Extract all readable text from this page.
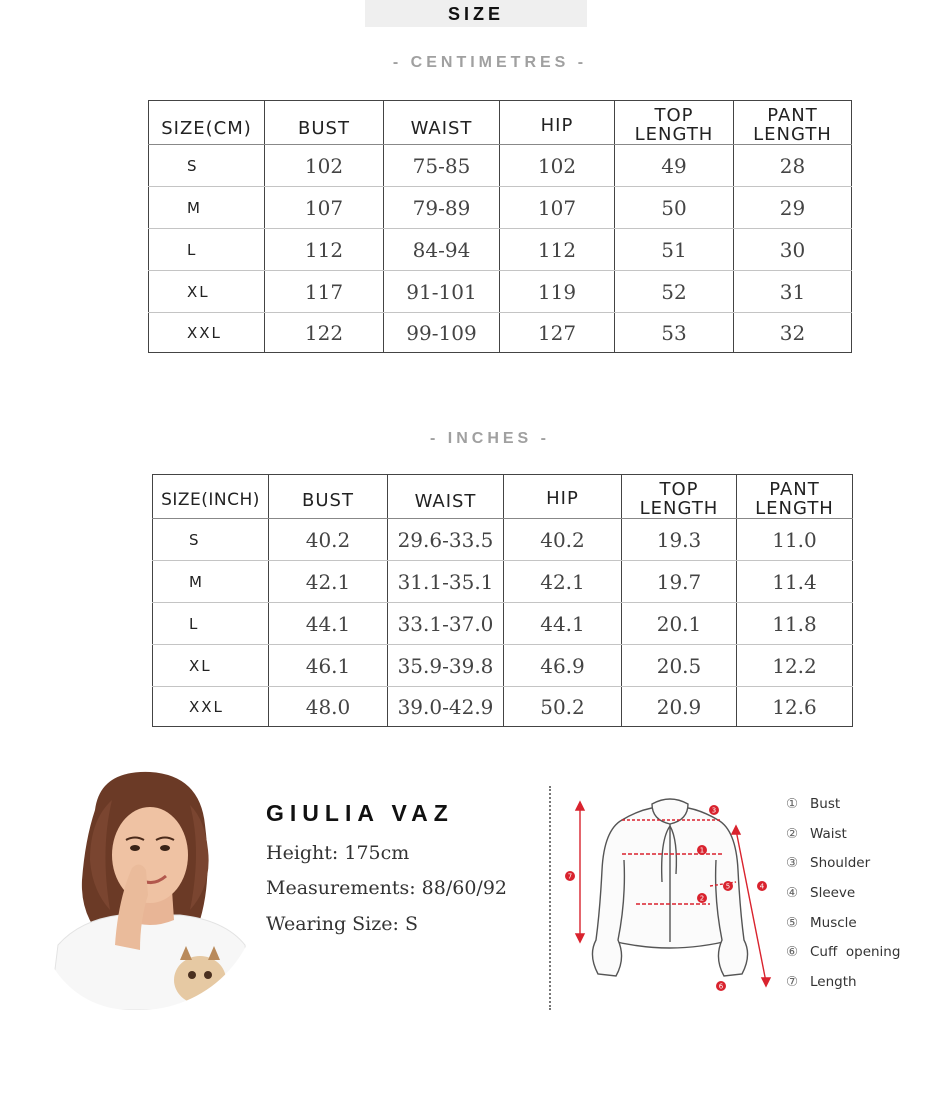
SIZE
- CENTIMETRES -
SIZE(CM)	BUST	WAIST	HIP	TOP LENGTH	PANT LENGTH
S	102	75-85	102	49	28
M	107	79-89	107	50	29
L	112	84-94	112	51	30
XL	117	91-101	119	52	31
XXL	122	99-109	127	53	32
- INCHES -
SIZE(INCH)	BUST	WAIST	HIP	TOP LENGTH	PANT LENGTH
S	40.2	29.6-33.5	40.2	19.3	11.0
M	42.1	31.1-35.1	42.1	19.7	11.4
L	44.1	33.1-37.0	44.1	20.1	11.8
XL	46.1	35.9-39.8	46.9	20.5	12.2
XXL	48.0	39.0-42.9	50.2	20.9	12.6
GIULIA VAZ
Height: 175cm
Measurements: 88/60/92
Wearing Size: S
1
2
3
4
5
6
7
① Bust
② Waist
③ Shoulder
④ Sleeve
⑤ Muscle
⑥ Cuff  opening
⑦ Length
